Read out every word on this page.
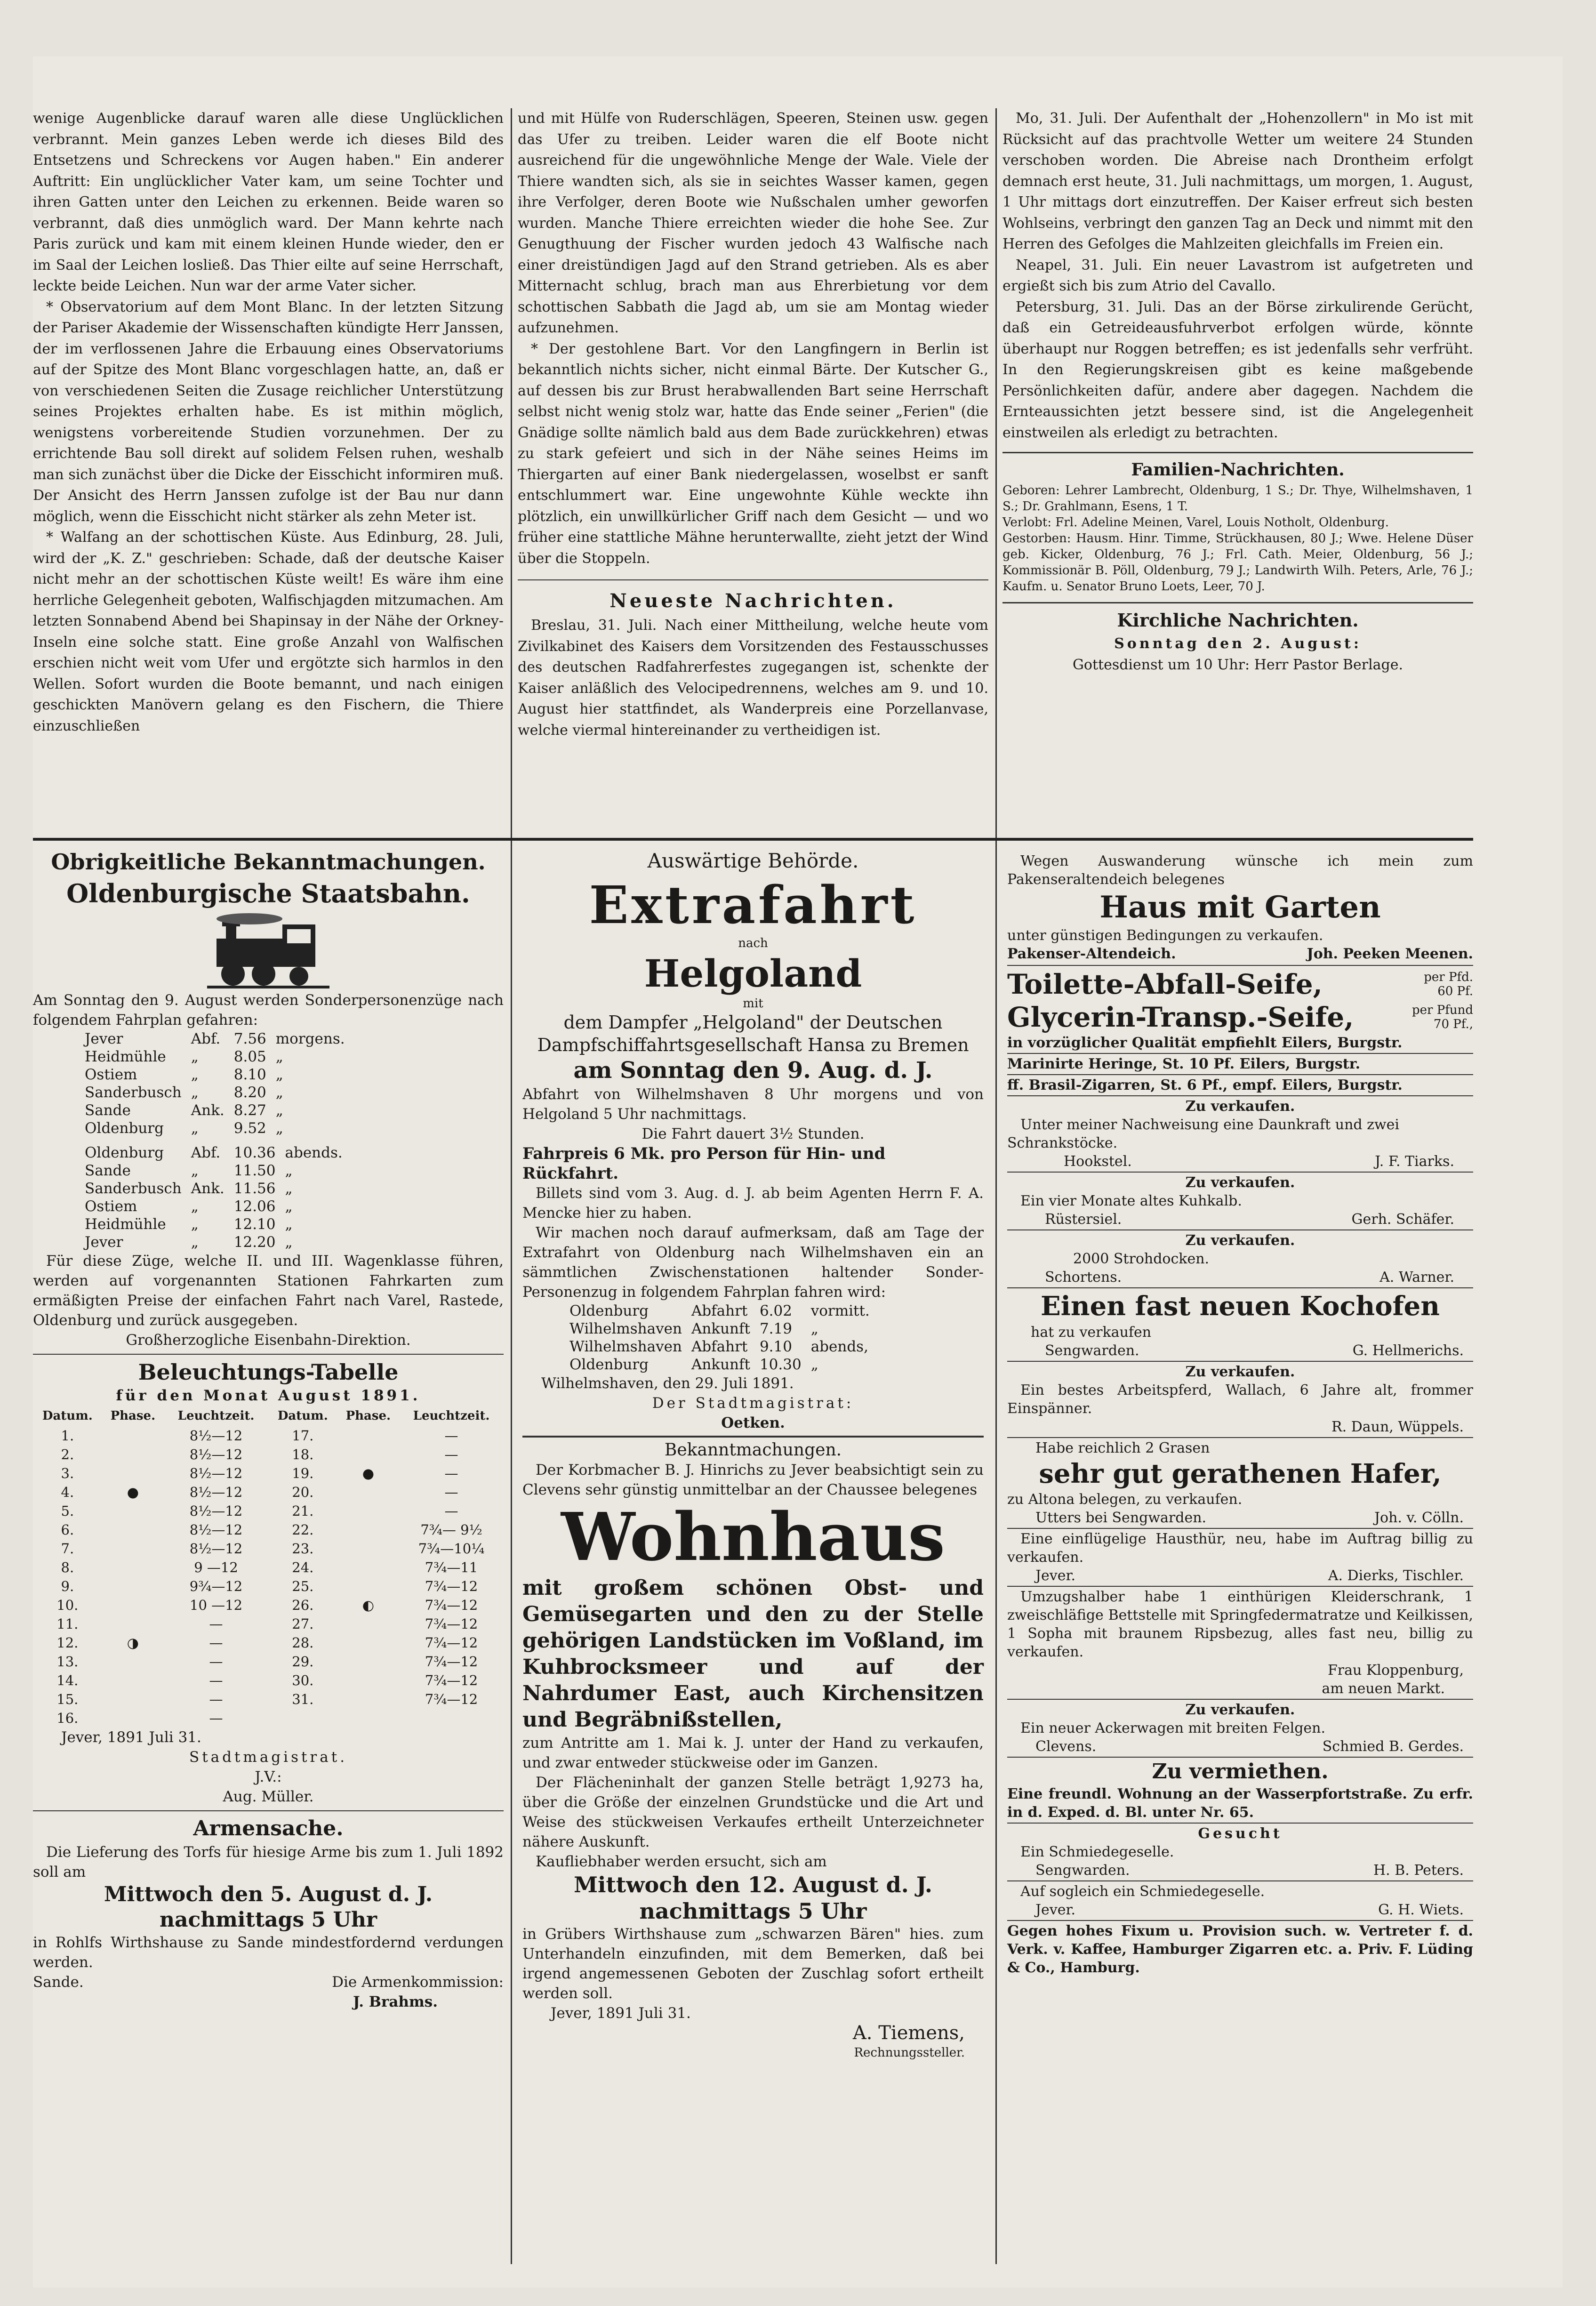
wenige Augenblicke darauf waren alle diese Unglücklichen verbrannt. Mein ganzes Leben werde ich dieses Bild des Entsetzens und Schreckens vor Augen haben." Ein anderer Auftritt: Ein unglücklicher Vater kam, um seine Tochter und ihren Gatten unter den Leichen zu erkennen. Beide waren so verbrannt, daß dies unmöglich ward. Der Mann kehrte nach Paris zurück und kam mit einem kleinen Hunde wieder, den er im Saal der Leichen losließ. Das Thier eilte auf seine Herrschaft, leckte beide Leichen. Nun war der arme Vater sicher.

* Observatorium auf dem Mont Blanc. In der letzten Sitzung der Pariser Akademie der Wissenschaften kündigte Herr Janssen, der im verflossenen Jahre die Erbauung eines Observatoriums auf der Spitze des Mont Blanc vorgeschlagen hatte, an, daß er von verschiedenen Seiten die Zusage reichlicher Unterstützung seines Projektes erhalten habe. Es ist mithin möglich, wenigstens vorbereitende Studien vorzunehmen. Der zu errichtende Bau soll direkt auf solidem Felsen ruhen, weshalb man sich zunächst über die Dicke der Eisschicht informiren muß. Der Ansicht des Herrn Janssen zufolge ist der Bau nur dann möglich, wenn die Eisschicht nicht stärker als zehn Meter ist.

* Walfang an der schottischen Küste. Aus Edinburg, 28. Juli, wird der „K. Z." geschrieben: Schade, daß der deutsche Kaiser nicht mehr an der schottischen Küste weilt! Es wäre ihm eine herrliche Gelegenheit geboten, Walfischjagden mitzumachen. Am letzten Sonnabend Abend bei Shapinsay in der Nähe der Orkney-Inseln eine solche statt. Eine große Anzahl von Walfischen erschien nicht weit vom Ufer und ergötzte sich harmlos in den Wellen. Sofort wurden die Boote bemannt, und nach einigen geschickten Manövern gelang es den Fischern, die Thiere einzuschließen

und mit Hülfe von Ruderschlägen, Speeren, Steinen usw. gegen das Ufer zu treiben. Leider waren die elf Boote nicht ausreichend für die ungewöhnliche Menge der Wale. Viele der Thiere wandten sich, als sie in seichtes Wasser kamen, gegen ihre Verfolger, deren Boote wie Nußschalen umher geworfen wurden. Manche Thiere erreichten wieder die hohe See. Zur Genugthuung der Fischer wurden jedoch 43 Walfische nach einer dreistündigen Jagd auf den Strand getrieben. Als es aber Mitternacht schlug, brach man aus Ehrerbietung vor dem schottischen Sabbath die Jagd ab, um sie am Montag wieder aufzunehmen.

* Der gestohlene Bart. Vor den Langfingern in Berlin ist bekanntlich nichts sicher, nicht einmal Bärte. Der Kutscher G., auf dessen bis zur Brust herabwallenden Bart seine Herrschaft selbst nicht wenig stolz war, hatte das Ende seiner „Ferien" (die Gnädige sollte nämlich bald aus dem Bade zurückkehren) etwas zu stark gefeiert und sich in der Nähe seines Heims im Thiergarten auf einer Bank niedergelassen, woselbst er sanft entschlummert war. Eine ungewohnte Kühle weckte ihn plötzlich, ein unwillkürlicher Griff nach dem Gesicht — und wo früher eine stattliche Mähne herunterwallte, zieht jetzt der Wind über die Stoppeln.

Neueste Nachrichten.

Breslau, 31. Juli. Nach einer Mittheilung, welche heute vom Zivilkabinet des Kaisers dem Vorsitzenden des Festausschusses des deutschen Radfahrerfestes zugegangen ist, schenkte der Kaiser anläßlich des Velocipedrennens, welches am 9. und 10. August hier stattfindet, als Wanderpreis eine Porzellanvase, welche viermal hintereinander zu vertheidigen ist.

Mo, 31. Juli. Der Aufenthalt der „Hohenzollern" in Mo ist mit Rücksicht auf das prachtvolle Wetter um weitere 24 Stunden verschoben worden. Die Abreise nach Drontheim erfolgt demnach erst heute, 31. Juli nachmittags, um morgen, 1. August, 1 Uhr mittags dort einzutreffen. Der Kaiser erfreut sich besten Wohlseins, verbringt den ganzen Tag an Deck und nimmt mit den Herren des Gefolges die Mahlzeiten gleichfalls im Freien ein.

Neapel, 31. Juli. Ein neuer Lavastrom ist aufgetreten und ergießt sich bis zum Atrio del Cavallo.

Petersburg, 31. Juli. Das an der Börse zirkulirende Gerücht, daß ein Getreideausfuhrverbot erfolgen würde, könnte überhaupt nur Roggen betreffen; es ist jedenfalls sehr verfrüht. In den Regierungskreisen gibt es keine maßgebende Persönlichkeiten dafür, andere aber dagegen. Nachdem die Ernteaussichten jetzt bessere sind, ist die Angelegenheit einstweilen als erledigt zu betrachten.

Familien-Nachrichten.

Geboren: Lehrer Lambrecht, Oldenburg, 1 S.; Dr. Thye, Wilhelmshaven, 1 S.; Dr. Grahlmann, Esens, 1 T.

Verlobt: Frl. Adeline Meinen, Varel, Louis Notholt, Oldenburg.

Gestorben: Hausm. Hinr. Timme, Strückhausen, 80 J.; Wwe. Helene Düser geb. Kicker, Oldenburg, 76 J.; Frl. Cath. Meier, Oldenburg, 56 J.; Kommissionär B. Pöll, Oldenburg, 79 J.; Landwirth Wilh. Peters, Arle, 76 J.; Kaufm. u. Senator Bruno Loets, Leer, 70 J.

Kirchliche Nachrichten.
Sonntag den 2. August:
Gottesdienst um 10 Uhr: Herr Pastor Berlage.
Obrigkeitliche Bekanntmachungen.
Oldenburgische Staatsbahn.
Am Sonntag den 9. August werden Sonderpersonenzüge nach folgendem Fahrplan gefahren:
Jever	Abf.	7.56	morgens.
Heidmühle	„	8.05	„
Ostiem	„	8.10	„
Sanderbusch	„	8.20	„
Sande	Ank.	8.27	„
Oldenburg	„	9.52	„
Oldenburg	Abf.	10.36	abends.
Sande	„	11.50	„
Sanderbusch	Ank.	11.56	„
Ostiem	„	12.06	„
Heidmühle	„	12.10	„
Jever	„	12.20	„
Für diese Züge, welche II. und III. Wagenklasse führen, werden auf vorgenannten Stationen Fahrkarten zum ermäßigten Preise der einfachen Fahrt nach Varel, Rastede, Oldenburg und zurück ausgegeben.
Großherzogliche Eisenbahn-Direktion.
Beleuchtungs-Tabelle
für den Monat August 1891.
Datum.	Phase.	Leuchtzeit.	Datum.	Phase.	Leuchtzeit.
1.		8½—12	17.		—
2.		8½—12	18.		—
3.		8½—12	19.	●	—
4.	●	8½—12	20.		—
5.		8½—12	21.		—
6.		8½—12	22.		7¾— 9½
7.		8½—12	23.		7¾—10¼
8.		9 —12	24.		7¾—11
9.		9¾—12	25.		7¾—12
10.		10 —12	26.	◐	7¾—12
11.		—	27.		7¾—12
12.	◑	—	28.		7¾—12
13.		—	29.		7¾—12
14.		—	30.		7¾—12
15.		—	31.		7¾—12
16.		—			
Jever, 1891 Juli 31.
Stadtmagistrat.
J.V.:
Aug. Müller.
Armensache.
Die Lieferung des Torfs für hiesige Arme bis zum 1. Juli 1892 soll am
Mittwoch den 5. August d. J. nachmittags 5 Uhr
in Rohlfs Wirthshause zu Sande mindestfordernd verdungen werden.
Sande.	Die Armenkommission:
J. Brahms.
Auswärtige Behörde.
Extrafahrt
nach
Helgoland
mit
dem Dampfer „Helgoland" der Deutschen Dampfschiffahrtsgesellschaft Hansa zu Bremen
am Sonntag den 9. Aug. d. J.
Abfahrt von Wilhelmshaven 8 Uhr morgens und von Helgoland 5 Uhr nachmittags.
Die Fahrt dauert 3½ Stunden.
Fahrpreis 6 Mk. pro Person für Hin- und Rückfahrt.
Billets sind vom 3. Aug. d. J. ab beim Agenten Herrn F. A. Mencke hier zu haben.
Wir machen noch darauf aufmerksam, daß am Tage der Extrafahrt von Oldenburg nach Wilhelmshaven ein an sämmtlichen Zwischenstationen haltender Sonder-Personenzug in folgendem Fahrplan fahren wird:
Oldenburg	Abfahrt	6.02	vormitt.
Wilhelmshaven	Ankunft	7.19	„
Wilhelmshaven	Abfahrt	9.10	abends,
Oldenburg	Ankunft	10.30	„
Wilhelmshaven, den 29. Juli 1891.
Der Stadtmagistrat:
Oetken.
Bekanntmachungen.
Der Korbmacher B. J. Hinrichs zu Jever beabsichtigt sein zu Clevens sehr günstig unmittelbar an der Chaussee belegenes
Wohnhaus
mit großem schönen Obst- und Gemüsegarten und den zu der Stelle gehörigen Landstücken im Voßland, im Kuhbrocksmeer und auf der Nahrdumer East, auch Kirchensitzen und Begräbnißstellen,
zum Antritte am 1. Mai k. J. unter der Hand zu verkaufen, und zwar entweder stückweise oder im Ganzen.
Der Flächeninhalt der ganzen Stelle beträgt 1,9273 ha, über die Größe der einzelnen Grundstücke und die Art und Weise des stückweisen Verkaufes ertheilt Unterzeichneter nähere Auskunft.
Kaufliebhaber werden ersucht, sich am
Mittwoch den 12. August d. J. nachmittags 5 Uhr
in Grübers Wirthshause zum „schwarzen Bären" hies. zum Unterhandeln einzufinden, mit dem Bemerken, daß bei irgend angemessenen Geboten der Zuschlag sofort ertheilt werden soll.
Jever, 1891 Juli 31.
A. Tiemens,
Rechnungssteller.
Wegen Auswanderung wünsche ich mein zum Pakenseraltendeich belegenes
Haus mit Garten
unter günstigen Bedingungen zu verkaufen.
Pakenser-Altendeich.	Joh. Peeken Meenen.
Toilette-Abfall-Seife,	per Pfd. 60 Pf.
Glycerin-Transp.-Seife,	per Pfund 70 Pf.,
in vorzüglicher Qualität empfiehlt Eilers, Burgstr.
Marinirte Heringe, St. 10 Pf. Eilers, Burgstr.
ff. Brasil-Zigarren, St. 6 Pf., empf. Eilers, Burgstr.
Zu verkaufen.
Unter meiner Nachweisung eine Daunkraft und zwei Schrankstöcke.
Hookstel.	J. F. Tiarks.
Zu verkaufen.
Ein vier Monate altes Kuhkalb.
Rüstersiel.	Gerh. Schäfer.
Zu verkaufen.
2000 Strohdocken.
Schortens.	A. Warner.
Einen fast neuen Kochofen
hat zu verkaufen
Sengwarden.	G. Hellmerichs.
Zu verkaufen.
Ein bestes Arbeitspferd, Wallach, 6 Jahre alt, frommer Einspänner.
R. Daun, Wüppels.
Habe reichlich 2 Grasen
sehr gut gerathenen Hafer,
zu Altona belegen, zu verkaufen.
Utters bei Sengwarden.	Joh. v. Cölln.
Eine einflügelige Hausthür, neu, habe im Auftrag billig zu verkaufen.
Jever.	A. Dierks, Tischler.
Umzugshalber habe 1 einthürigen Kleiderschrank, 1 zweischläfige Bettstelle mit Springfedermatratze und Keilkissen, 1 Sopha mit braunem Ripsbezug, alles fast neu, billig zu verkaufen.
Frau Kloppenburg,
am neuen Markt.
Zu verkaufen.
Ein neuer Ackerwagen mit breiten Felgen.
Clevens.	Schmied B. Gerdes.
Zu vermiethen.
Eine freundl. Wohnung an der Wasserpfortstraße. Zu erfr. in d. Exped. d. Bl. unter Nr. 65.
Gesucht
Ein Schmiedegeselle.
Sengwarden.	H. B. Peters.
Auf sogleich ein Schmiedegeselle.
Jever.	G. H. Wiets.
Gegen hohes Fixum u. Provision such. w. Vertreter f. d. Verk. v. Kaffee, Hamburger Zigarren etc. a. Priv. F. Lüding & Co., Hamburg.
